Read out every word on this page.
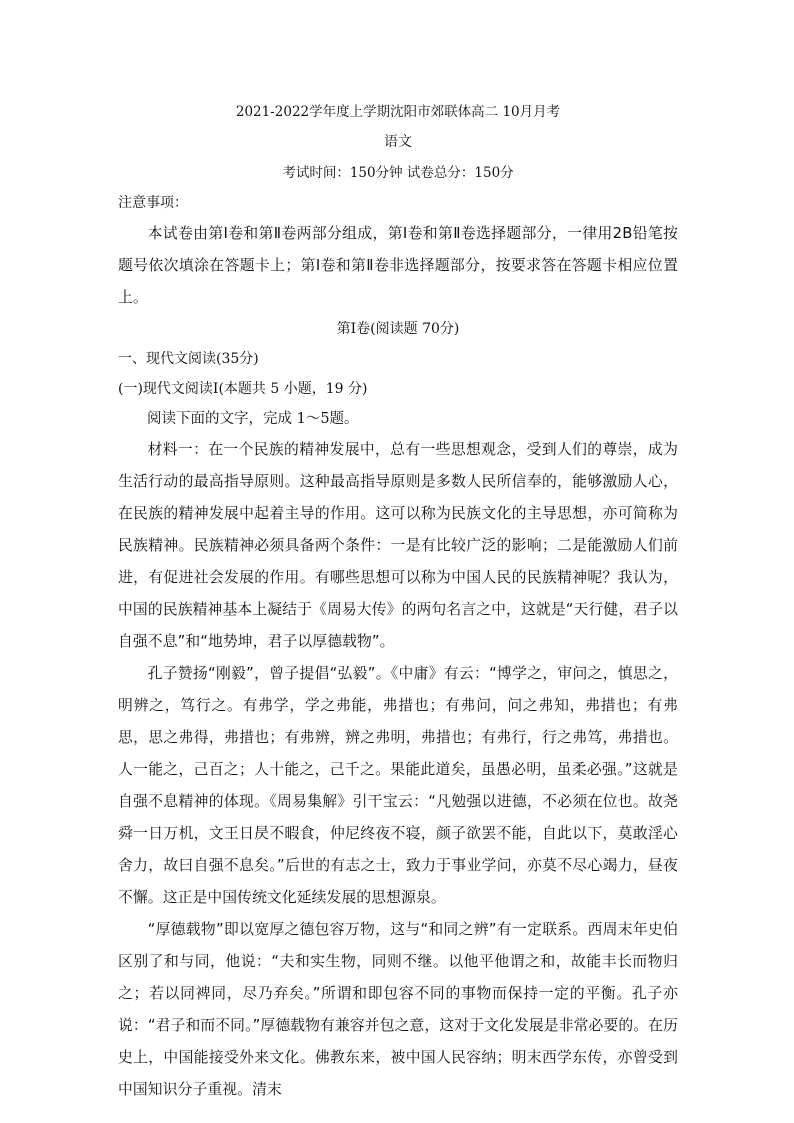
2021-2022学年度上学期沈阳市郊联体高二 10月月考

语文

考试时间：150分钟 试卷总分：150分

注意事项：

本试卷由第Ⅰ卷和第Ⅱ卷两部分组成，第Ⅰ卷和第Ⅱ卷选择题部分，一律用2B铅笔按题号依次填涂在答题卡上；第Ⅰ卷和第Ⅱ卷非选择题部分，按要求答在答题卡相应位置上。

第Ⅰ卷(阅读题 70分)

一、现代文阅读(35分)

(一)现代文阅读Ⅰ(本题共 5 小题，19 分)

阅读下面的文字，完成 1～5题。

材料一：在一个民族的精神发展中，总有一些思想观念，受到人们的尊崇，成为生活行动的最高指导原则。这种最高指导原则是多数人民所信奉的，能够激励人心，在民族的精神发展中起着主导的作用。这可以称为民族文化的主导思想，亦可简称为民族精神。民族精神必须具备两个条件：一是有比较广泛的影响；二是能激励人们前进，有促进社会发展的作用。有哪些思想可以称为中国人民的民族精神呢？我认为，中国的民族精神基本上凝结于《周易大传》的两句名言之中，这就是“天行健，君子以自强不息”和“地势坤，君子以厚德载物”。

孔子赞扬“刚毅”，曾子提倡“弘毅”。《中庸》有云：“博学之，审问之，慎思之，明辨之，笃行之。有弗学，学之弗能，弗措也；有弗问，问之弗知，弗措也；有弗思，思之弗得，弗措也；有弗辨，辨之弗明，弗措也；有弗行，行之弗笃，弗措也。人一能之，己百之；人十能之，己千之。果能此道矣，虽愚必明，虽柔必强。”这就是自强不息精神的体现。《周易集解》引干宝云：“凡勉强以进德，不必须在位也。故尧舜一日万机，文王日昃不暇食，仲尼终夜不寝，颜子欲罢不能，自此以下，莫敢淫心舍力，故曰自强不息矣。”后世的有志之士，致力于事业学问，亦莫不尽心竭力，昼夜不懈。这正是中国传统文化延续发展的思想源泉。

“厚德载物”即以宽厚之德包容万物，这与“和同之辨”有一定联系。西周末年史伯区别了和与同，他说：“夫和实生物，同则不继。以他平他谓之和，故能丰长而物归之；若以同裨同，尽乃弃矣。”所谓和即包容不同的事物而保持一定的平衡。孔子亦说：“君子和而不同。”厚德载物有兼容并包之意，这对于文化发展是非常必要的。在历史上，中国能接受外来文化。佛教东来，被中国人民容纳；明末西学东传，亦曾受到中国知识分子重视。清末
